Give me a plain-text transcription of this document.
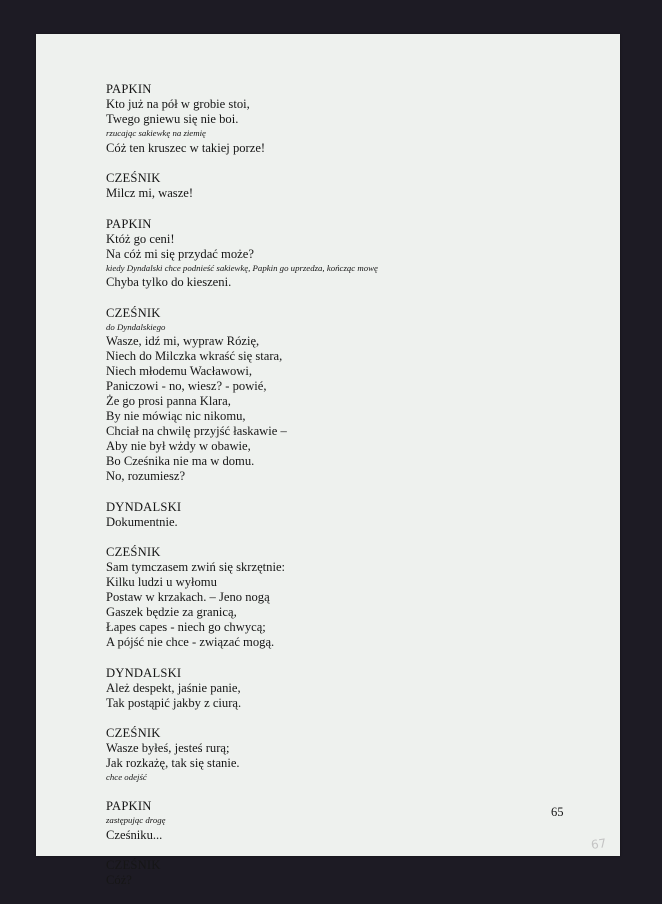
PAPKIN
Kto już na pół w grobie stoi,
Twego gniewu się nie boi.
rzucając sakiewkę na ziemię
Cóż ten kruszec w takiej porze!
CZEŚNIK
Milcz mi, wasze!
PAPKIN
Któż go ceni!
Na cóż mi się przydać może?
kiedy Dyndalski chce podnieść sakiewkę, Papkin go uprzedza, kończąc mowę
Chyba tylko do kieszeni.
CZEŚNIK
do Dyndalskiego
Wasze, idź mi, wypraw Rózię,
Niech do Milczka wkraść się stara,
Niech młodemu Wacławowi,
Paniczowi - no, wiesz? - powié,
Że go prosi panna Klara,
By nie mówiąc nic nikomu,
Chciał na chwilę przyjść łaskawie –
Aby nie był wżdy w obawie,
Bo Cześnika nie ma w domu.
No, rozumiesz?
DYNDALSKI
Dokumentnie.
CZEŚNIK
Sam tymczasem zwiń się skrzętnie:
Kilku ludzi u wyłomu
Postaw w krzakach. – Jeno nogą
Gaszek będzie za granicą,
Łapes capes - niech go chwycą;
A pójść nie chce - związać mogą.
DYNDALSKI
Ależ despekt, jaśnie panie,
Tak postąpić jakby z ciurą.
CZEŚNIK
Wasze byłeś, jesteś rurą;
Jak rozkażę, tak się stanie.
chce odejść
PAPKIN
zastępując drogę
Cześniku...
CZEŚNIK
Cóż?
65
67
